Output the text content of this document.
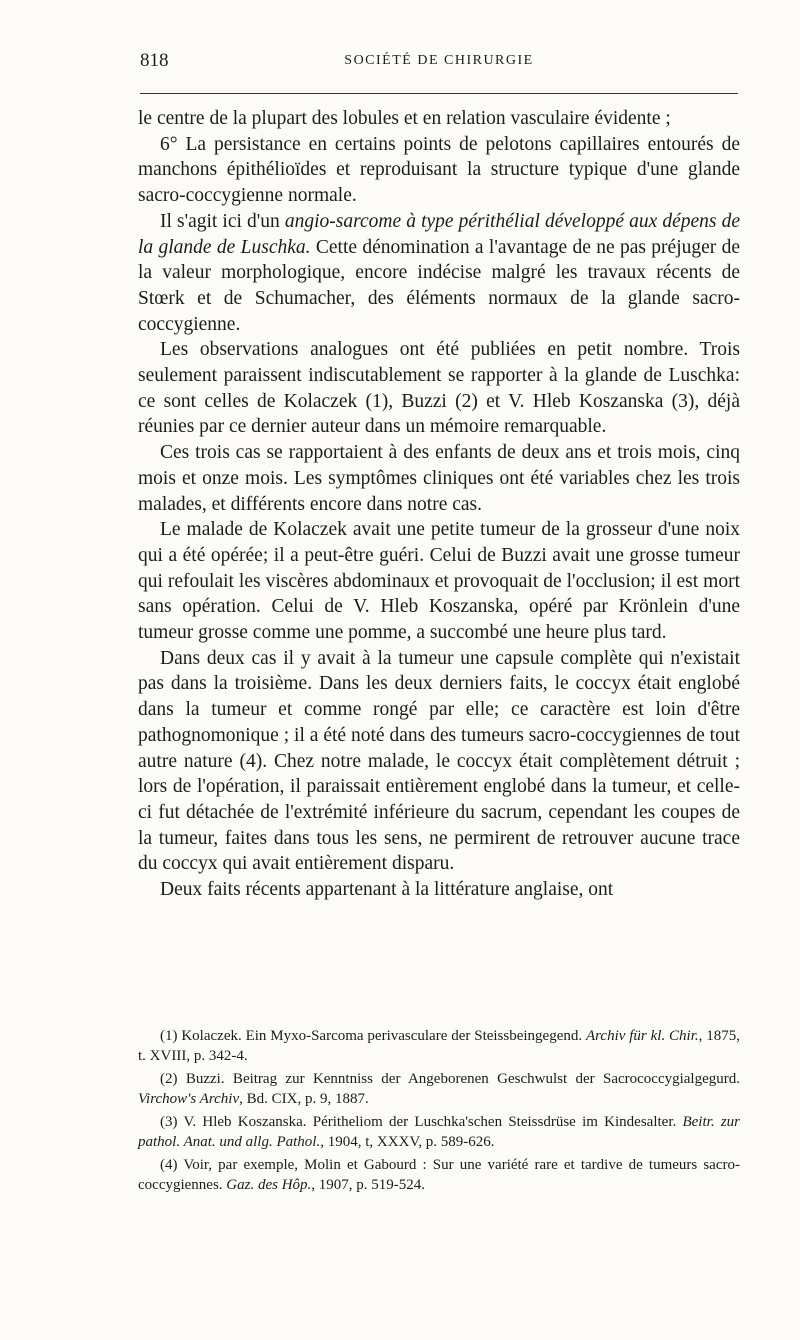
818	SOCIÉTÉ DE CHIRURGIE

le centre de la plupart des lobules et en relation vasculaire évidente ;

6° La persistance en certains points de pelotons capillaires entourés de manchons épithélioïdes et reproduisant la structure typique d'une glande sacro-coccygienne normale.

Il s'agit ici d'un angio-sarcome à type périthélial développé aux dépens de la glande de Luschka. Cette dénomination a l'avantage de ne pas préjuger de la valeur morphologique, encore indécise malgré les travaux récents de Stœrk et de Schumacher, des éléments normaux de la glande sacro-coccygienne.

Les observations analogues ont été publiées en petit nombre. Trois seulement paraissent indiscutablement se rapporter à la glande de Luschka: ce sont celles de Kolaczek (1), Buzzi (2) et V. Hleb Koszanska (3), déjà réunies par ce dernier auteur dans un mémoire remarquable.

Ces trois cas se rapportaient à des enfants de deux ans et trois mois, cinq mois et onze mois. Les symptômes cliniques ont été variables chez les trois malades, et différents encore dans notre cas.

Le malade de Kolaczek avait une petite tumeur de la grosseur d'une noix qui a été opérée; il a peut-être guéri. Celui de Buzzi avait une grosse tumeur qui refoulait les viscères abdominaux et provoquait de l'occlusion; il est mort sans opération. Celui de V. Hleb Koszanska, opéré par Krönlein d'une tumeur grosse comme une pomme, a succombé une heure plus tard.

Dans deux cas il y avait à la tumeur une capsule complète qui n'existait pas dans la troisième. Dans les deux derniers faits, le coccyx était englobé dans la tumeur et comme rongé par elle; ce caractère est loin d'être pathognomonique ; il a été noté dans des tumeurs sacro-coccygiennes de tout autre nature (4). Chez notre malade, le coccyx était complètement détruit ; lors de l'opération, il paraissait entièrement englobé dans la tumeur, et celle-ci fut détachée de l'extrémité inférieure du sacrum, cependant les coupes de la tumeur, faites dans tous les sens, ne permirent de retrouver aucune trace du coccyx qui avait entièrement disparu.

Deux faits récents appartenant à la littérature anglaise, ont

(1) Kolaczek. Ein Myxo-Sarcoma perivasculare der Steissbeingegend. Archiv für kl. Chir., 1875, t. XVIII, p. 342-4.

(2) Buzzi. Beitrag zur Kenntniss der Angeborenen Geschwulst der Sacrococcygialgegurd. Virchow's Archiv, Bd. CIX, p. 9, 1887.

(3) V. Hleb Koszanska. Péritheliom der Luschka'schen Steissdrüse im Kindesalter. Beitr. zur pathol. Anat. und allg. Pathol., 1904, t, XXXV, p. 589-626.

(4) Voir, par exemple, Molin et Gabourd : Sur une variété rare et tardive de tumeurs sacro-coccygiennes. Gaz. des Hôp., 1907, p. 519-524.
